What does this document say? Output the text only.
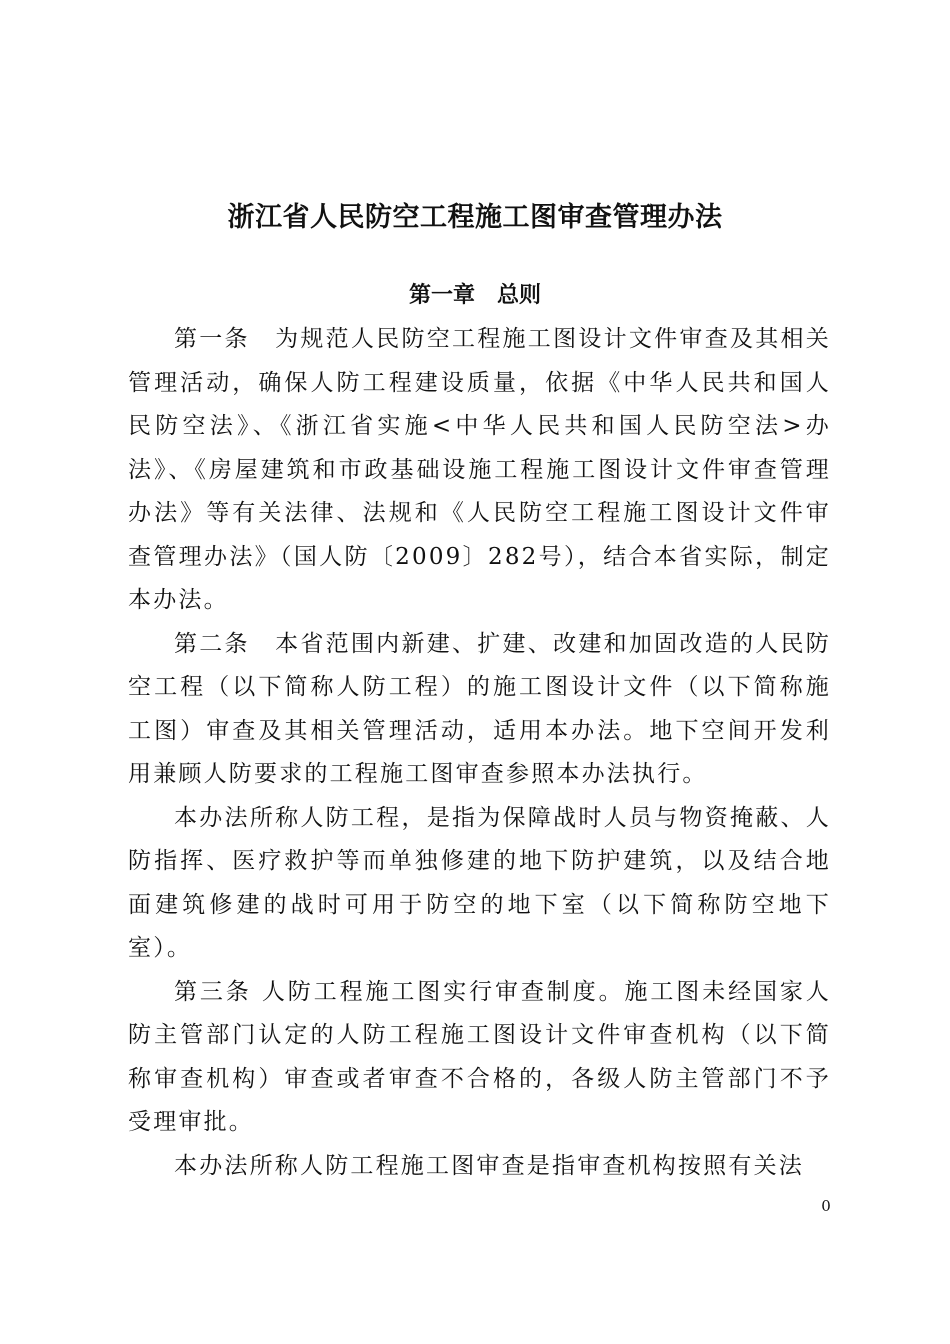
浙江省人民防空工程施工图审查管理办法
第一章　总则

第一条　为规范人民防空工程施工图设计文件审查及其相关管理活动，确保人防工程建设质量，依据《中华人民共和国人民防空法》、《浙江省实施<中华人民共和国人民防空法>办法》、《房屋建筑和市政基础设施工程施工图设计文件审查管理办法》等有关法律、法规和《人民防空工程施工图设计文件审查管理办法》（国人防〔2009〕282号），结合本省实际，制定本办法。

第二条　本省范围内新建、扩建、改建和加固改造的人民防空工程（以下简称人防工程）的施工图设计文件（以下简称施工图）审查及其相关管理活动，适用本办法。地下空间开发利用兼顾人防要求的工程施工图审查参照本办法执行。

本办法所称人防工程，是指为保障战时人员与物资掩蔽、人防指挥、医疗救护等而单独修建的地下防护建筑，以及结合地面建筑修建的战时可用于防空的地下室（以下简称防空地下室）。

第三条 人防工程施工图实行审查制度。施工图未经国家人防主管部门认定的人防工程施工图设计文件审查机构（以下简称审查机构）审查或者审查不合格的，各级人防主管部门不予受理审批。

本办法所称人防工程施工图审查是指审查机构按照有关法

0
